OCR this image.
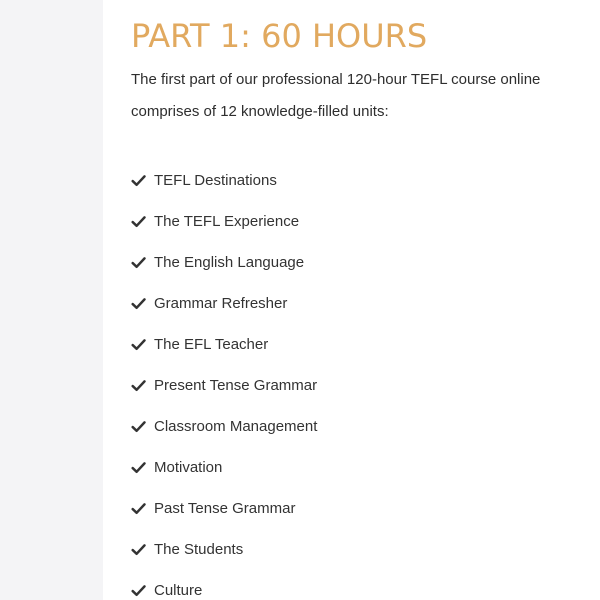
PART 1: 60 HOURS

The first part of our professional 120-hour TEFL course online comprises of 12 knowledge-filled units:

TEFL Destinations
The TEFL Experience
The English Language
Grammar Refresher
The EFL Teacher
Present Tense Grammar
Classroom Management
Motivation
Past Tense Grammar
The Students
Culture
